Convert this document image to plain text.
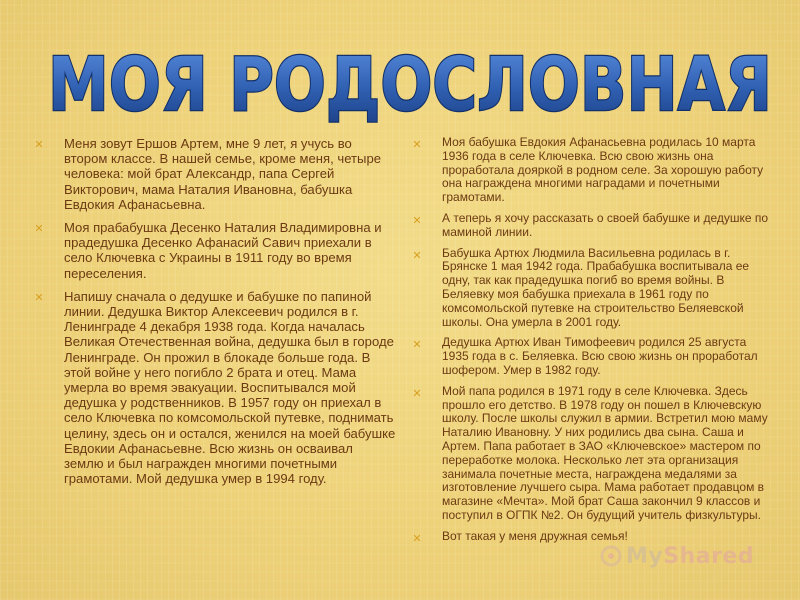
МОЯ РОДОСЛОВНАЯ
✕ Меня зовут Ершов Артем, мне 9 лет, я учусь во втором классе. В нашей семье, кроме меня, четыре человека: мой брат Александр, папа Сергей Викторович, мама Наталия Ивановна, бабушка Евдокия Афанасьевна.
✕ Моя прабабушка Десенко Наталия Владимировна и прадедушка Десенко Афанасий Савич приехали в село Ключевка с Украины в 1911 году во время переселения.
✕ Напишу сначала о дедушке и бабушке по папиной линии. Дедушка Виктор Алексеевич родился в г. Ленинграде 4 декабря 1938 года. Когда началась Великая Отечественная война, дедушка был в городе Ленинграде. Он прожил в блокаде больше года. В этой войне у него погибло 2 брата и отец. Мама умерла во время эвакуации. Воспитывался мой дедушка у родственников. В 1957 году он приехал в село Ключевка по комсомольской путевке, поднимать целину, здесь он и остался, женился на моей бабушке Евдокии Афанасьевне. Всю жизнь он осваивал землю и был награжден многими почетными грамотами. Мой дедушка умер в 1994 году.
✕ Моя бабушка Евдокия Афанасьевна родилась 10 марта 1936 года в селе Ключевка. Всю свою жизнь она проработала дояркой в родном селе. За хорошую работу она награждена многими наградами и почетными грамотами.
✕ А теперь я хочу рассказать о своей бабушке и дедушке по маминой линии.
✕ Бабушка Артюх Людмила Васильевна родилась в г. Брянске 1 мая 1942 года. Прабабушка воспитывала ее одну, так как прадедушка погиб во время войны. В Беляевку моя бабушка приехала в 1961 году по комсомольской путевке на строительство Беляевской школы. Она умерла в 2001 году.
✕ Дедушка Артюх Иван Тимофеевич родился 25 августа 1935 года в с. Беляевка. Всю свою жизнь он проработал шофером. Умер в 1982 году.
✕ Мой папа родился в 1971 году в селе Ключевка. Здесь прошло его детство. В 1978 году он пошел в Ключевскую школу. После школы служил в армии. Встретил мою маму Наталию Ивановну. У них родились два сына. Саша и Артем. Папа работает в ЗАО «Ключевское» мастером по переработке молока. Несколько лет эта организация занимала почетные места, награждена медалями за изготовление лучшего сыра. Мама работает продавцом в магазине «Мечта». Мой брат Саша закончил 9 классов и поступил в ОГПК №2. Он будущий учитель физкультуры.
✕ Вот такая у меня дружная семья!
MyShared
